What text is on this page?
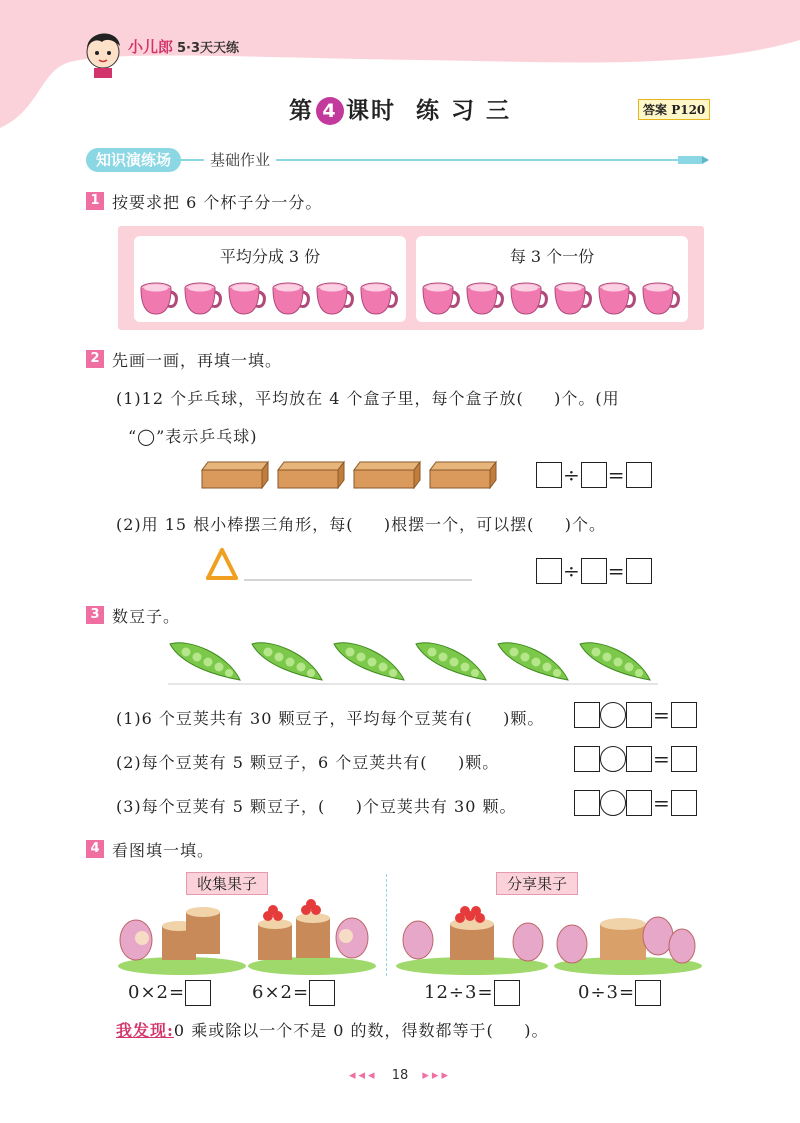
小儿郎 5·3天天练
第 4 课时  练 习 三	答案 P120
知识演练场	基础作业
1 按要求把 6 个杯子分一分。
平均分成 3 份	每 3 个一份
2 先画一画，再填一填。
(1)12 个乒乓球，平均放在 4 个盒子里，每个盒子放(     )个。(用
“◯”表示乒乓球)
÷ =
(2)用 15 根小棒摆三角形，每(     )根摆一个，可以摆(     )个。
÷ =
3 数豆子。
(1)6 个豆荚共有 30 颗豆子，平均每个豆荚有(     )颗。	=
(2)每个豆荚有 5 颗豆子，6 个豆荚共有(     )颗。	=
(3)每个豆荚有 5 颗豆子，(     )个豆荚共有 30 颗。	=
4 看图填一填。
收集果子	分享果子
0×2=	6×2=	12÷3=	0÷3=
我发现:0 乘或除以一个不是 0 的数，得数都等于(     )。
◂◂◂ 18 ▸▸▸
